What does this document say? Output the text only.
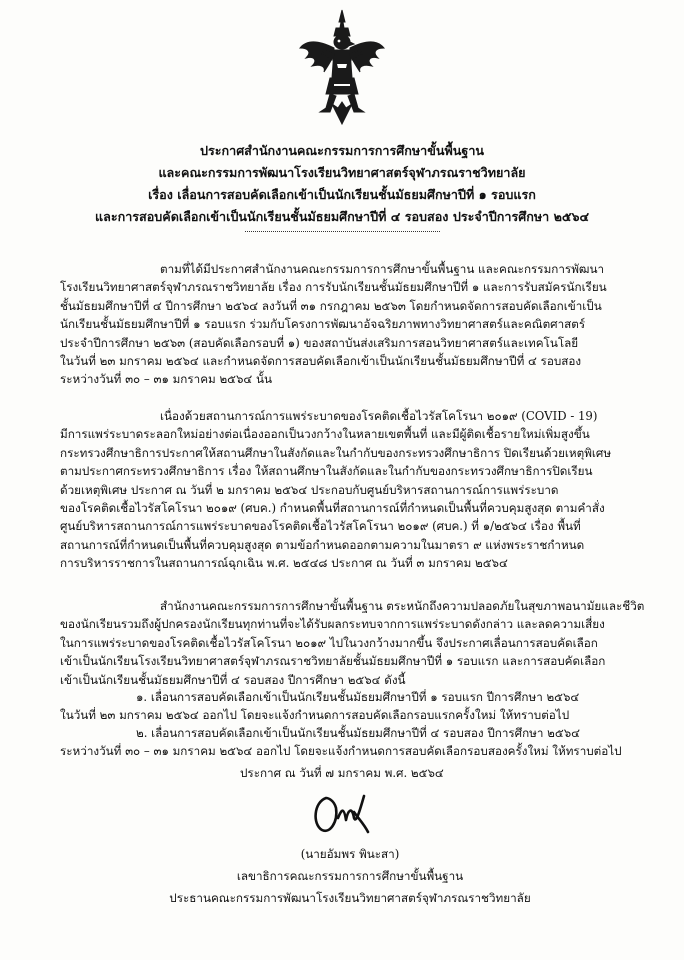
ประกาศสำนักงานคณะกรรมการการศึกษาขั้นพื้นฐาน
และคณะกรรมการพัฒนาโรงเรียนวิทยาศาสตร์จุฬาภรณราชวิทยาลัย
เรื่อง เลื่อนการสอบคัดเลือกเข้าเป็นนักเรียนชั้นมัธยมศึกษาปีที่ ๑ รอบแรก
และการสอบคัดเลือกเข้าเป็นนักเรียนชั้นมัธยมศึกษาปีที่ ๔ รอบสอง ประจำปีการศึกษา ๒๕๖๔
ตามที่ได้มีประกาศสำนักงานคณะกรรมการการศึกษาขั้นพื้นฐาน และคณะกรรมการพัฒนา
โรงเรียนวิทยาศาสตร์จุฬาภรณราชวิทยาลัย เรื่อง การรับนักเรียนชั้นมัธยมศึกษาปีที่ ๑ และการรับสมัครนักเรียน
ชั้นมัธยมศึกษาปีที่ ๔ ปีการศึกษา ๒๕๖๔ ลงวันที่ ๓๑ กรกฎาคม ๒๕๖๓ โดยกำหนดจัดการสอบคัดเลือกเข้าเป็น
นักเรียนชั้นมัธยมศึกษาปีที่ ๑ รอบแรก ร่วมกับโครงการพัฒนาอัจฉริยภาพทางวิทยาศาสตร์และคณิตศาสตร์
ประจำปีการศึกษา ๒๕๖๓ (สอบคัดเลือกรอบที่ ๑) ของสถาบันส่งเสริมการสอนวิทยาศาสตร์และเทคโนโลยี
ในวันที่ ๒๓ มกราคม ๒๕๖๔ และกำหนดจัดการสอบคัดเลือกเข้าเป็นนักเรียนชั้นมัธยมศึกษาปีที่ ๔ รอบสอง
ระหว่างวันที่ ๓๐ – ๓๑ มกราคม ๒๕๖๔ นั้น
เนื่องด้วยสถานการณ์การแพร่ระบาดของโรคติดเชื้อไวรัสโคโรนา ๒๐๑๙ (COVID - 19)
มีการแพร่ระบาดระลอกใหม่อย่างต่อเนื่องออกเป็นวงกว้างในหลายเขตพื้นที่ และมีผู้ติดเชื้อรายใหม่เพิ่มสูงขึ้น
กระทรวงศึกษาธิการประกาศให้สถานศึกษาในสังกัดและในกำกับของกระทรวงศึกษาธิการ ปิดเรียนด้วยเหตุพิเศษ
ตามประกาศกระทรวงศึกษาธิการ เรื่อง ให้สถานศึกษาในสังกัดและในกำกับของกระทรวงศึกษาธิการปิดเรียน
ด้วยเหตุพิเศษ ประกาศ ณ วันที่ ๒ มกราคม ๒๕๖๔ ประกอบกับศูนย์บริหารสถานการณ์การแพร่ระบาด
ของโรคติดเชื้อไวรัสโคโรนา ๒๐๑๙ (ศบค.) กำหนดพื้นที่สถานการณ์ที่กำหนดเป็นพื้นที่ควบคุมสูงสุด ตามคำสั่ง
ศูนย์บริหารสถานการณ์การแพร่ระบาดของโรคติดเชื้อไวรัสโคโรนา ๒๐๑๙ (ศบค.) ที่ ๑/๒๕๖๔ เรื่อง พื้นที่
สถานการณ์ที่กำหนดเป็นพื้นที่ควบคุมสูงสุด ตามข้อกำหนดออกตามความในมาตรา ๙ แห่งพระราชกำหนด
การบริหารราชการในสถานการณ์ฉุกเฉิน พ.ศ. ๒๕๔๘ ประกาศ ณ วันที่ ๓ มกราคม ๒๕๖๔
สำนักงานคณะกรรมการการศึกษาขั้นพื้นฐาน ตระหนักถึงความปลอดภัยในสุขภาพอนามัยและชีวิต
ของนักเรียนรวมถึงผู้ปกครองนักเรียนทุกท่านที่จะได้รับผลกระทบจากการแพร่ระบาดดังกล่าว และลดความเสี่ยง
ในการแพร่ระบาดของโรคติดเชื้อไวรัสโคโรนา ๒๐๑๙ ไปในวงกว้างมากขึ้น จึงประกาศเลื่อนการสอบคัดเลือก
เข้าเป็นนักเรียนโรงเรียนวิทยาศาสตร์จุฬาภรณราชวิทยาลัยชั้นมัธยมศึกษาปีที่ ๑ รอบแรก และการสอบคัดเลือก
เข้าเป็นนักเรียนชั้นมัธยมศึกษาปีที่ ๔ รอบสอง ปีการศึกษา ๒๕๖๔ ดังนี้
๑. เลื่อนการสอบคัดเลือกเข้าเป็นนักเรียนชั้นมัธยมศึกษาปีที่ ๑ รอบแรก ปีการศึกษา ๒๕๖๔
ในวันที่ ๒๓ มกราคม ๒๕๖๔ ออกไป โดยจะแจ้งกำหนดการสอบคัดเลือกรอบแรกครั้งใหม่ ให้ทราบต่อไป
๒. เลื่อนการสอบคัดเลือกเข้าเป็นนักเรียนชั้นมัธยมศึกษาปีที่ ๔ รอบสอง ปีการศึกษา ๒๕๖๔
ระหว่างวันที่ ๓๐ – ๓๑ มกราคม ๒๕๖๔ ออกไป โดยจะแจ้งกำหนดการสอบคัดเลือกรอบสองครั้งใหม่ ให้ทราบต่อไป
ประกาศ ณ วันที่ ๗ มกราคม พ.ศ. ๒๕๖๔
(นายอัมพร พินะสา)
เลขาธิการคณะกรรมการการศึกษาขั้นพื้นฐาน
ประธานคณะกรรมการพัฒนาโรงเรียนวิทยาศาสตร์จุฬาภรณราชวิทยาลัย
